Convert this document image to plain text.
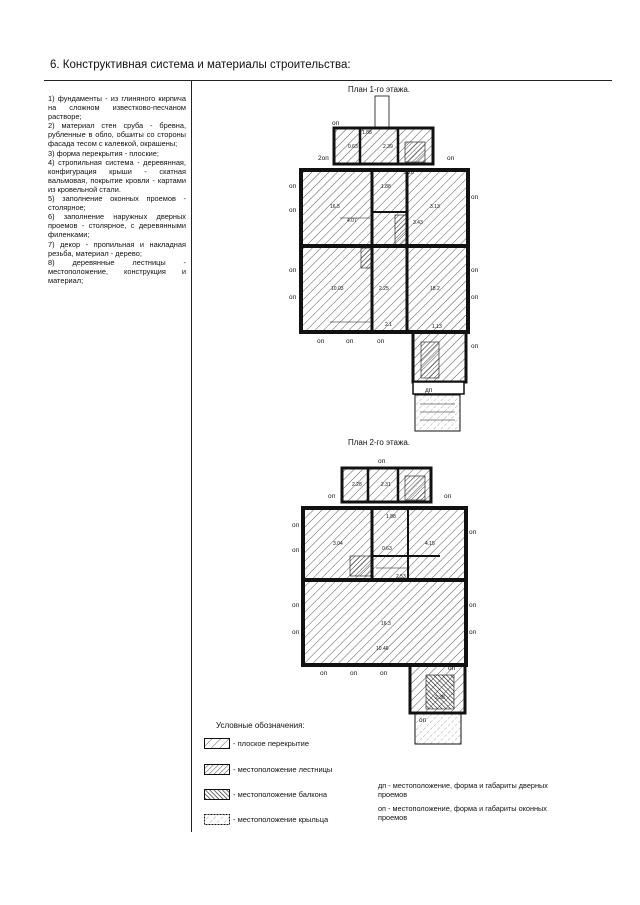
6. Конструктивная система и материалы строительства:

1) фундаменты - из глиняного кирпича на сложном известково-песчаном растворе;

2) материал стен сруба - бревна, рубленные в обло, обшиты со стороны фасада тесом с калевкой, окрашены;

3) форма перекрытия - плоские;

4) стропильная система - деревянная, конфигурация крыши - скатная вальмовая, покрытие кровли - картами из кровельной стали.

5) заполнение оконных проемов - столярное;

6) заполнение наружных дверных проемов - столярное, с деревянными филенками;

7) декор - пропильная и накладная резьба, материал - дерево;

8) деревянные лестницы - местоположение, конструкция и материал;

План 1-го этажа.
План 2-го этажа.
2оп	оп
оп
оп
оп
оп
оп
оп
оп
оп
оп	оп	оп
оп
дп
1.88
0.63	2.39
3.28
16.5
4.07
1.88
3.13
3.43
2.25
10.03
2.1
18.2
1.13
оп
оп	оп
оп
оп
оп
оп
оп
оп
оп
оп	оп	оп
оп
оп
2.28	2.31
1.88
3.04	4.15
0.63
2.53
10.46
2.38
16.3
Условные обозначения:
- плоское перекрытие
- местоположение лестницы
- местоположение балкона
- местоположение крыльца
дп - местоположение, форма и габариты дверных проемов
оп - местоположение, форма и габариты оконных проемов
